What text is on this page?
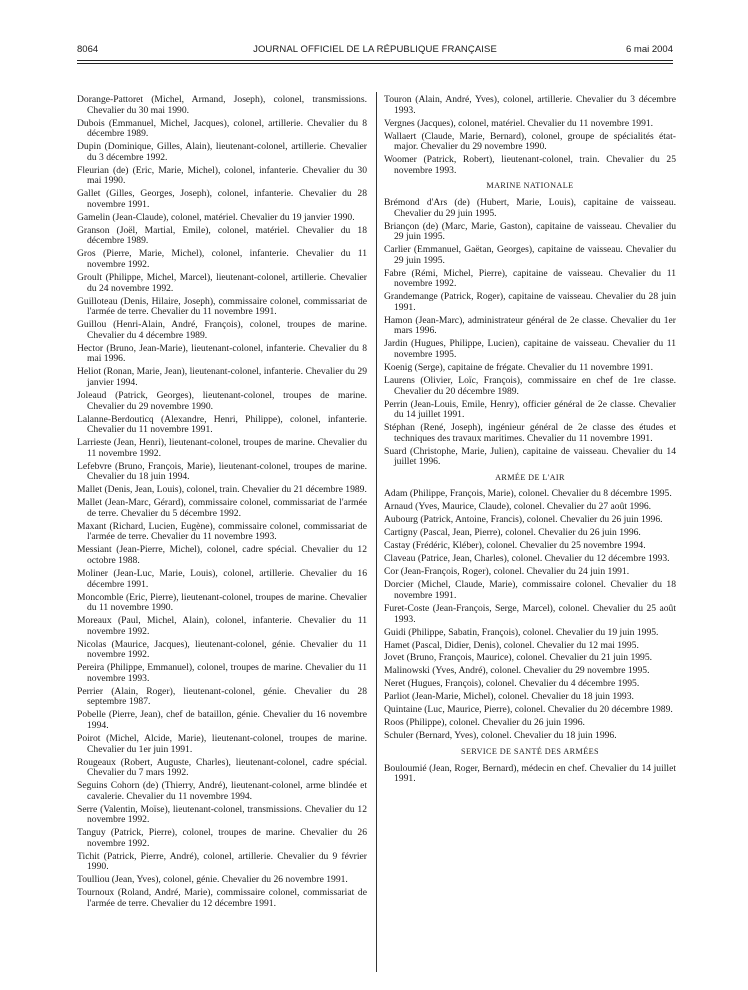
8064	JOURNAL OFFICIEL DE LA RÉPUBLIQUE FRANÇAISE	6 mai 2004
Dorange-Pattoret (Michel, Armand, Joseph), colonel, transmissions. Chevalier du 30 mai 1990.
Dubois (Emmanuel, Michel, Jacques), colonel, artillerie. Chevalier du 8 décembre 1989.
Dupin (Dominique, Gilles, Alain), lieutenant-colonel, artillerie. Chevalier du 3 décembre 1992.
Fleurian (de) (Eric, Marie, Michel), colonel, infanterie. Chevalier du 30 mai 1990.
Gallet (Gilles, Georges, Joseph), colonel, infanterie. Chevalier du 28 novembre 1991.
Gamelin (Jean-Claude), colonel, matériel. Chevalier du 19 janvier 1990.
Granson (Joël, Martial, Emile), colonel, matériel. Chevalier du 18 décembre 1989.
Gros (Pierre, Marie, Michel), colonel, infanterie. Chevalier du 11 novembre 1992.
Groult (Philippe, Michel, Marcel), lieutenant-colonel, artillerie. Chevalier du 24 novembre 1992.
Guilloteau (Denis, Hilaire, Joseph), commissaire colonel, commissariat de l'armée de terre. Chevalier du 11 novembre 1991.
Guillou (Henri-Alain, André, François), colonel, troupes de marine. Chevalier du 4 décembre 1989.
Hector (Bruno, Jean-Marie), lieutenant-colonel, infanterie. Chevalier du 8 mai 1996.
Heliot (Ronan, Marie, Jean), lieutenant-colonel, infanterie. Chevalier du 29 janvier 1994.
Joleaud (Patrick, Georges), lieutenant-colonel, troupes de marine. Chevalier du 29 novembre 1990.
Lalanne-Berdouticq (Alexandre, Henri, Philippe), colonel, infanterie. Chevalier du 11 novembre 1991.
Larrieste (Jean, Henri), lieutenant-colonel, troupes de marine. Chevalier du 11 novembre 1992.
Lefebvre (Bruno, François, Marie), lieutenant-colonel, troupes de marine. Chevalier du 18 juin 1994.
Mallet (Denis, Jean, Louis), colonel, train. Chevalier du 21 décembre 1989.
Mallet (Jean-Marc, Gérard), commissaire colonel, commissariat de l'armée de terre. Chevalier du 5 décembre 1992.
Maxant (Richard, Lucien, Eugène), commissaire colonel, commissariat de l'armée de terre. Chevalier du 11 novembre 1993.
Messiant (Jean-Pierre, Michel), colonel, cadre spécial. Chevalier du 12 octobre 1988.
Moliner (Jean-Luc, Marie, Louis), colonel, artillerie. Chevalier du 16 décembre 1991.
Moncomble (Eric, Pierre), lieutenant-colonel, troupes de marine. Chevalier du 11 novembre 1990.
Moreaux (Paul, Michel, Alain), colonel, infanterie. Chevalier du 11 novembre 1992.
Nicolas (Maurice, Jacques), lieutenant-colonel, génie. Chevalier du 11 novembre 1992.
Pereira (Philippe, Emmanuel), colonel, troupes de marine. Chevalier du 11 novembre 1993.
Perrier (Alain, Roger), lieutenant-colonel, génie. Chevalier du 28 septembre 1987.
Pobelle (Pierre, Jean), chef de bataillon, génie. Chevalier du 16 novembre 1994.
Poirot (Michel, Alcide, Marie), lieutenant-colonel, troupes de marine. Chevalier du 1er juin 1991.
Rougeaux (Robert, Auguste, Charles), lieutenant-colonel, cadre spécial. Chevalier du 7 mars 1992.
Seguins Cohorn (de) (Thierry, André), lieutenant-colonel, arme blindée et cavalerie. Chevalier du 11 novembre 1994.
Serre (Valentin, Moïse), lieutenant-colonel, transmissions. Chevalier du 12 novembre 1992.
Tanguy (Patrick, Pierre), colonel, troupes de marine. Chevalier du 26 novembre 1992.
Tichit (Patrick, Pierre, André), colonel, artillerie. Chevalier du 9 février 1990.
Toulliou (Jean, Yves), colonel, génie. Chevalier du 26 novembre 1991.
Tournoux (Roland, André, Marie), commissaire colonel, commissariat de l'armée de terre. Chevalier du 12 décembre 1991.
Touron (Alain, André, Yves), colonel, artillerie. Chevalier du 3 décembre 1993.
Vergnes (Jacques), colonel, matériel. Chevalier du 11 novembre 1991.
Wallaert (Claude, Marie, Bernard), colonel, groupe de spécialités état-major. Chevalier du 29 novembre 1990.
Woomer (Patrick, Robert), lieutenant-colonel, train. Chevalier du 25 novembre 1993.
MARINE NATIONALE
Brémond d'Ars (de) (Hubert, Marie, Louis), capitaine de vaisseau. Chevalier du 29 juin 1995.
Briançon (de) (Marc, Marie, Gaston), capitaine de vaisseau. Chevalier du 29 juin 1995.
Carlier (Emmanuel, Gaëtan, Georges), capitaine de vaisseau. Chevalier du 29 juin 1995.
Fabre (Rémi, Michel, Pierre), capitaine de vaisseau. Chevalier du 11 novembre 1992.
Grandemange (Patrick, Roger), capitaine de vaisseau. Chevalier du 28 juin 1991.
Hamon (Jean-Marc), administrateur général de 2e classe. Chevalier du 1er mars 1996.
Jardin (Hugues, Philippe, Lucien), capitaine de vaisseau. Chevalier du 11 novembre 1995.
Koenig (Serge), capitaine de frégate. Chevalier du 11 novembre 1991.
Laurens (Olivier, Loïc, François), commissaire en chef de 1re classe. Chevalier du 20 décembre 1989.
Perrin (Jean-Louis, Emile, Henry), officier général de 2e classe. Chevalier du 14 juillet 1991.
Stéphan (René, Joseph), ingénieur général de 2e classe des études et techniques des travaux maritimes. Chevalier du 11 novembre 1991.
Suard (Christophe, Marie, Julien), capitaine de vaisseau. Chevalier du 14 juillet 1996.
ARMÉE DE L'AIR
Adam (Philippe, François, Marie), colonel. Chevalier du 8 décembre 1995.
Arnaud (Yves, Maurice, Claude), colonel. Chevalier du 27 août 1996.
Aubourg (Patrick, Antoine, Francis), colonel. Chevalier du 26 juin 1996.
Cartigny (Pascal, Jean, Pierre), colonel. Chevalier du 26 juin 1996.
Castay (Frédéric, Kléber), colonel. Chevalier du 25 novembre 1994.
Claveau (Patrice, Jean, Charles), colonel. Chevalier du 12 décembre 1993.
Cor (Jean-François, Roger), colonel. Chevalier du 24 juin 1991.
Dorcier (Michel, Claude, Marie), commissaire colonel. Chevalier du 18 novembre 1991.
Furet-Coste (Jean-François, Serge, Marcel), colonel. Chevalier du 25 août 1993.
Guidi (Philippe, Sabatin, François), colonel. Chevalier du 19 juin 1995.
Hamet (Pascal, Didier, Denis), colonel. Chevalier du 12 mai 1995.
Jovet (Bruno, François, Maurice), colonel. Chevalier du 21 juin 1995.
Malinowski (Yves, André), colonel. Chevalier du 29 novembre 1995.
Neret (Hugues, François), colonel. Chevalier du 4 décembre 1995.
Parliot (Jean-Marie, Michel), colonel. Chevalier du 18 juin 1993.
Quintaine (Luc, Maurice, Pierre), colonel. Chevalier du 20 décembre 1989.
Roos (Philippe), colonel. Chevalier du 26 juin 1996.
Schuler (Bernard, Yves), colonel. Chevalier du 18 juin 1996.
SERVICE DE SANTÉ DES ARMÉES
Bouloumié (Jean, Roger, Bernard), médecin en chef. Chevalier du 14 juillet 1991.
